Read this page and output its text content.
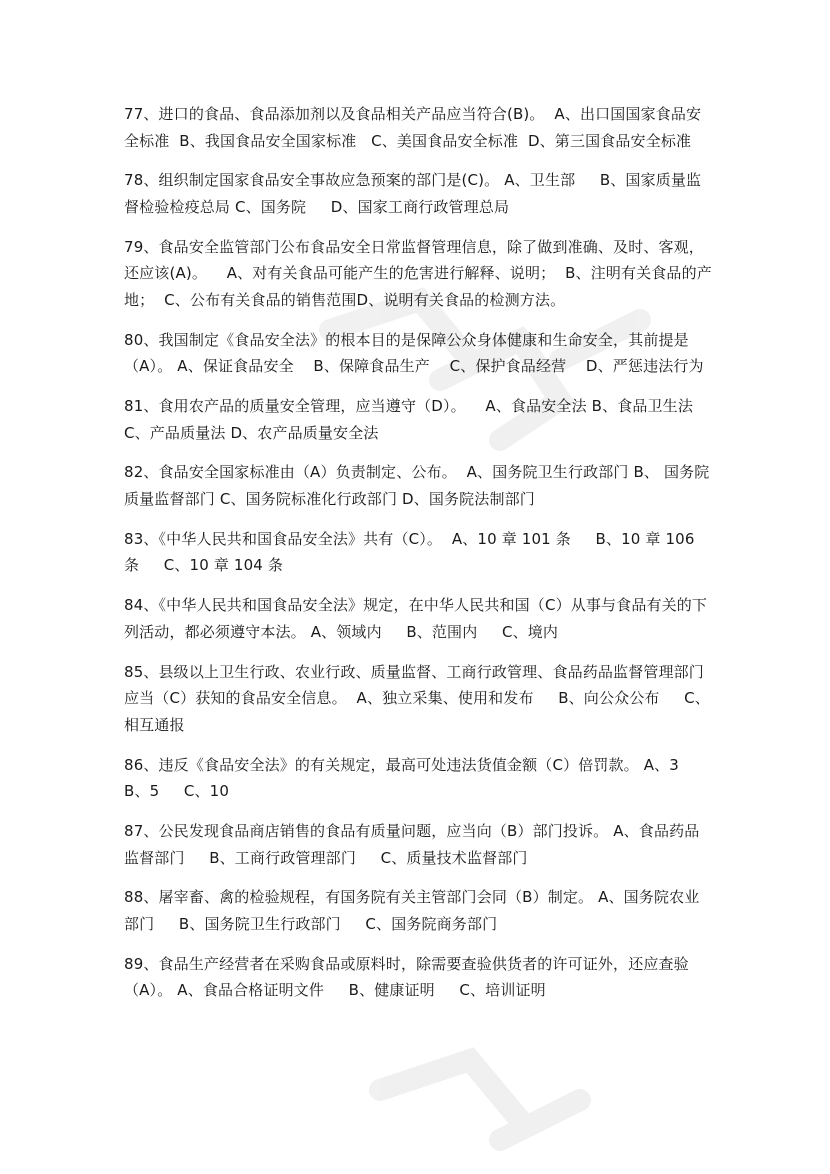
77、进口的食品、食品添加剂以及食品相关产品应当符合(B)。  A、出口国国家食品安全标准  B、我国食品安全国家标准   C、美国食品安全标准  D、第三国食品安全标准
78、组织制定国家食品安全事故应急预案的部门是(C)。 A、卫生部     B、国家质量监督检验检疫总局 C、国务院     D、国家工商行政管理总局
79、食品安全监管部门公布食品安全日常监督管理信息，除了做到准确、及时、客观，还应该(A)。    A、对有关食品可能产生的危害进行解释、说明；  B、注明有关食品的产地；  C、公布有关食品的销售范围D、说明有关食品的检测方法。
80、我国制定《食品安全法》的根本目的是保障公众身体健康和生命安全，其前提是（A）。 A、保证食品安全    B、保障食品生产    C、保护食品经营    D、严惩违法行为
81、食用农产品的质量安全管理，应当遵守（D）。    A、食品安全法 B、食品卫生法 C、产品质量法 D、农产品质量安全法
82、食品安全国家标准由（A）负责制定、公布。  A、国务院卫生行政部门 B、 国务院质量监督部门 C、国务院标准化行政部门 D、国务院法制部门
83、《中华人民共和国食品安全法》共有（C）。  A、10 章 101 条     B、10 章 106 条     C、10 章 104 条
84、《中华人民共和国食品安全法》规定，在中华人民共和国（C）从事与食品有关的下列活动，都必须遵守本法。 A、领域内     B、范围内     C、境内
85、县级以上卫生行政、农业行政、质量监督、工商行政管理、食品药品监督管理部门应当（C）获知的食品安全信息。  A、独立采集、使用和发布     B、向公众公布     C、相互通报
86、违反《食品安全法》的有关规定，最高可处违法货值金额（C）倍罚款。 A、3     B、5     C、10
87、公民发现食品商店销售的食品有质量问题，应当向（B）部门投诉。 A、食品药品监督部门     B、工商行政管理部门     C、质量技术监督部门
88、屠宰畜、禽的检验规程，有国务院有关主管部门会同（B）制定。 A、国务院农业部门     B、国务院卫生行政部门     C、国务院商务部门
89、食品生产经营者在采购食品或原料时，除需要查验供货者的许可证外，还应查验（A）。 A、食品合格证明文件     B、健康证明     C、培训证明
